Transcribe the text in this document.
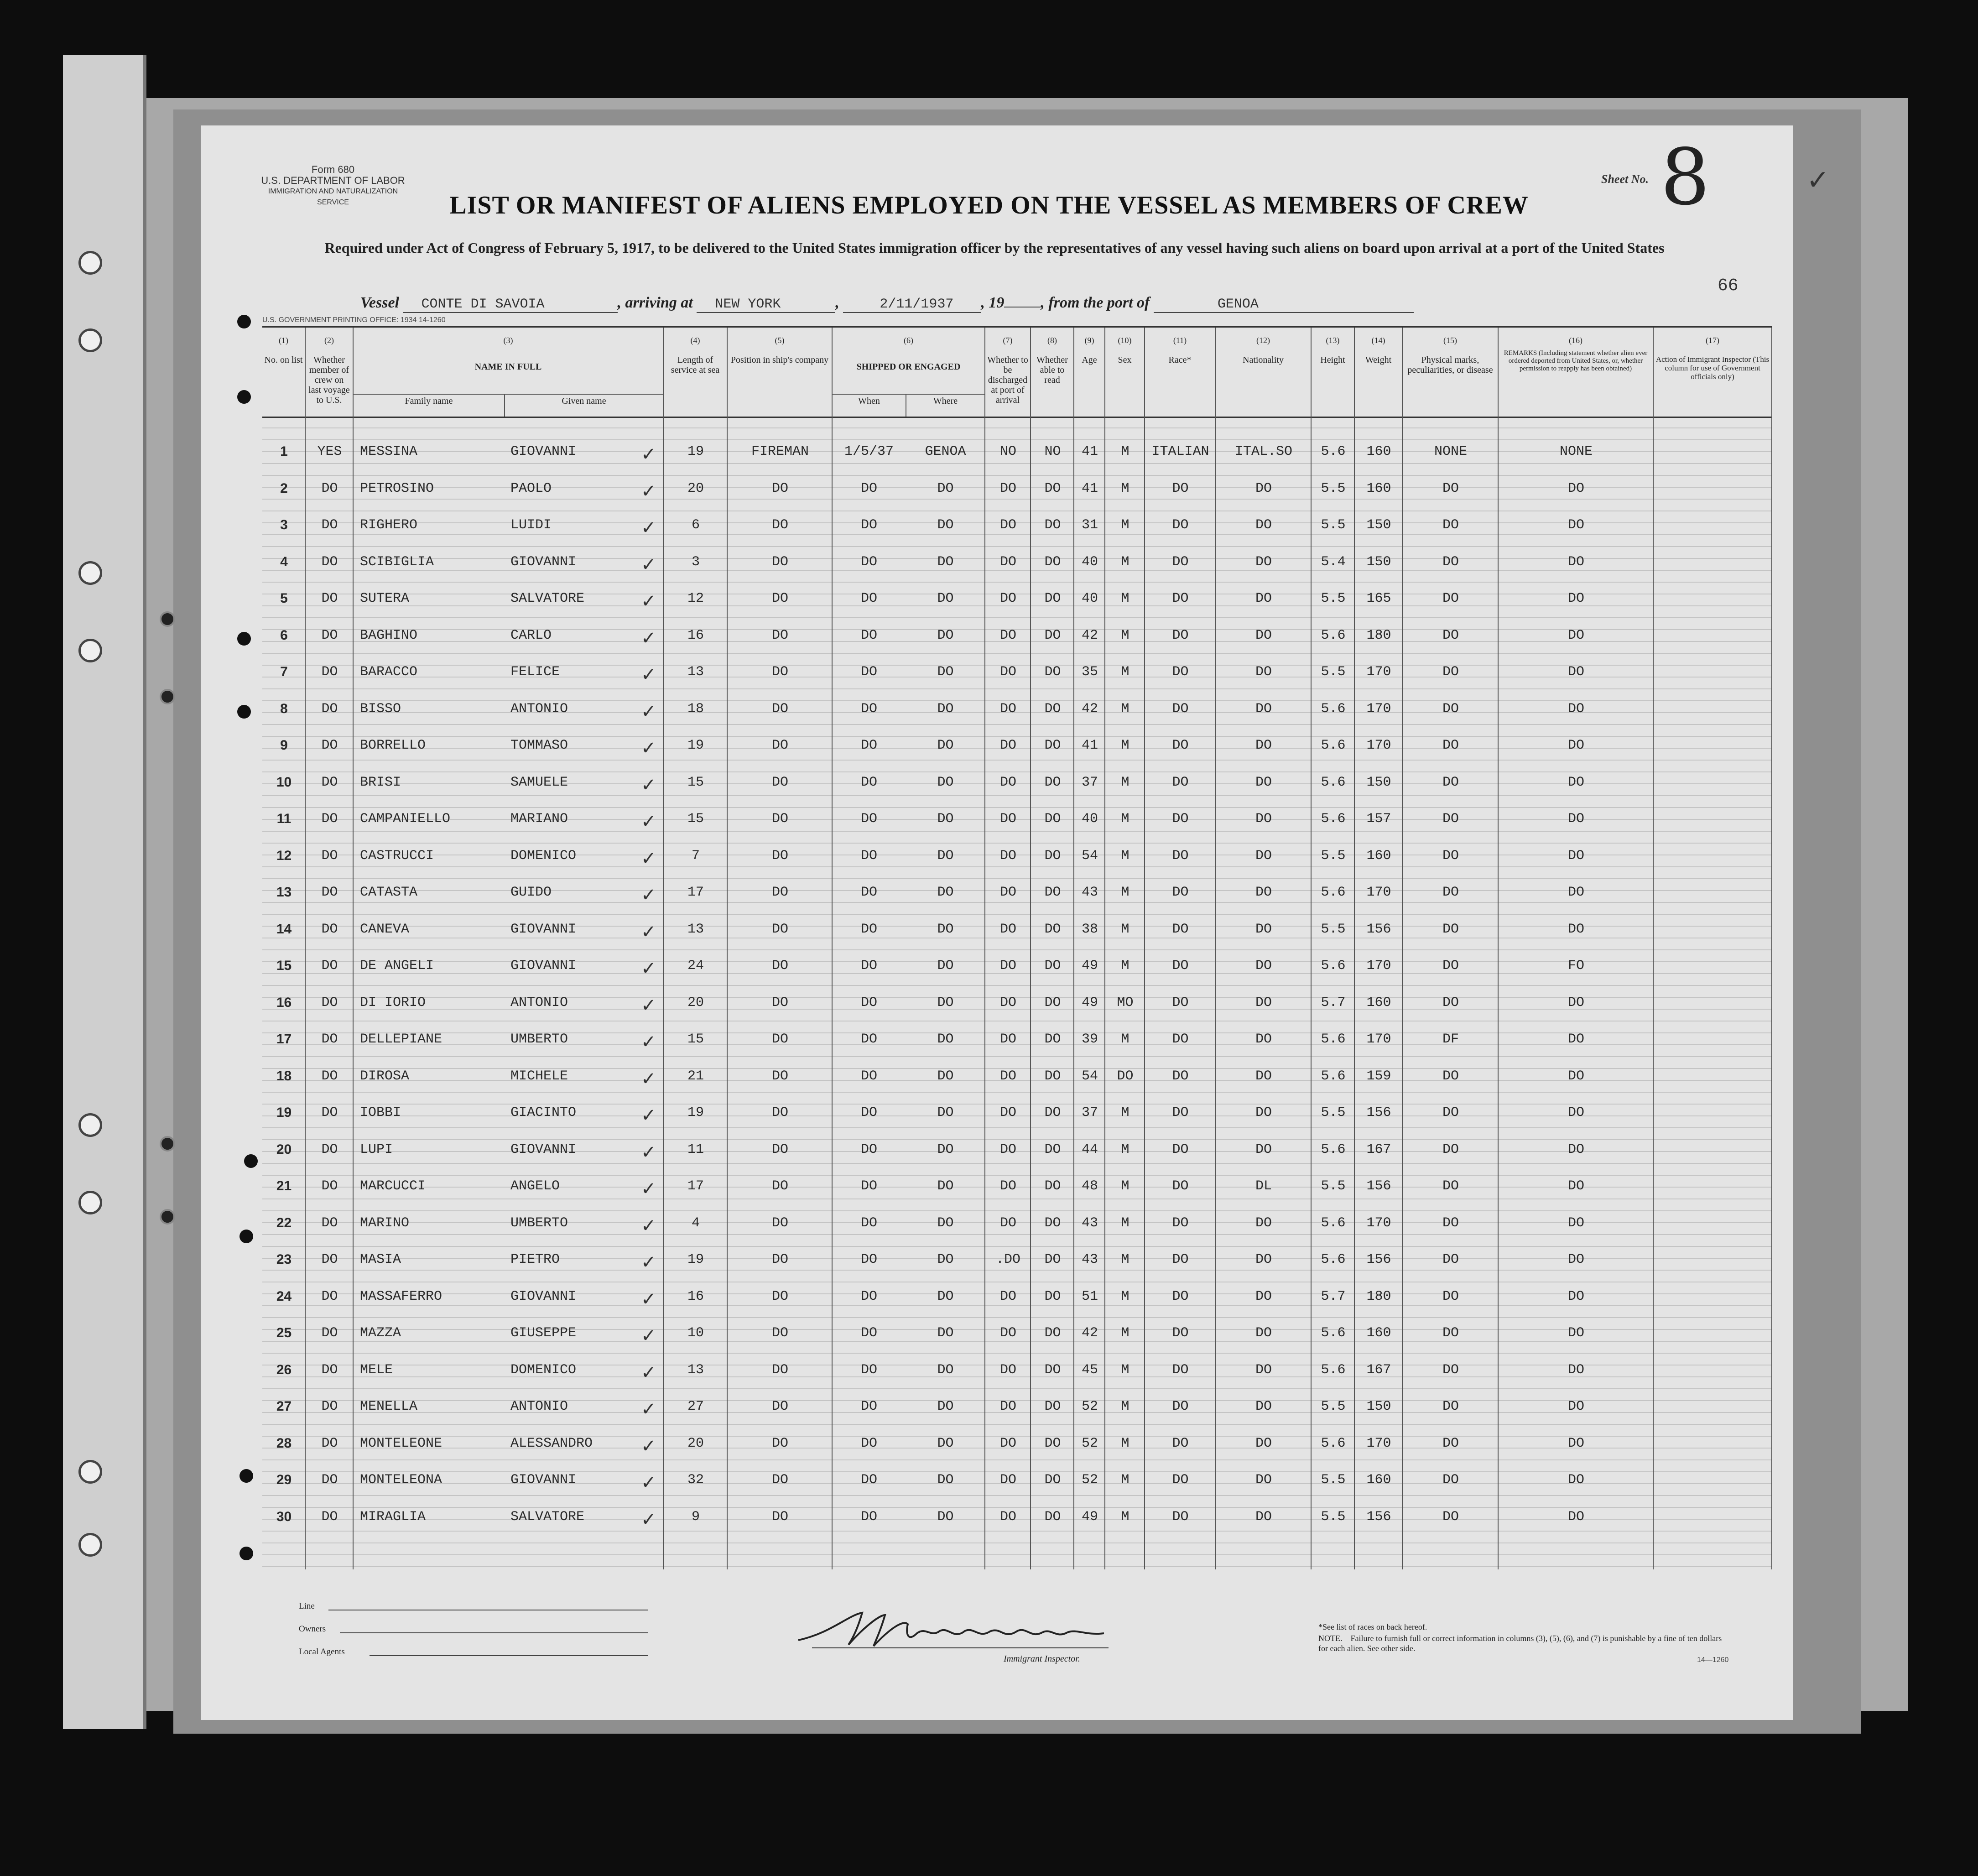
Form 680
U.S. DEPARTMENT OF LABOR
IMMIGRATION AND NATURALIZATION SERVICE	LIST OR MANIFEST OF ALIENS EMPLOYED ON THE VESSEL AS MEMBERS OF CREW
Required under Act of Congress of February 5, 1917, to be delivered to the United States immigration officer by the representatives of any vessel having such aliens on board upon arrival at a port of the United States
Sheet No. 8	✓
66
Vessel CONTE DI SAVOIA	, arriving at NEW YORK	,	2/11/1937 , 19 , from the port of	GENOA
U.S. GOVERNMENT PRINTING OFFICE: 1934 14-1260
(1)
No. on list
(2)
Whether member of crew on last voyage to U.S.
(3)
NAME IN FULL
(4)
Length of service at sea
(5)
Position in ship's company
(6)
SHIPPED OR ENGAGED
(7)
Whether to be discharged at port of arrival
(8)
Whether able to read
(9)
Age
(10)
Sex
(11)
Race*
(12)
Nationality
(13)
Height
(14)
Weight
(15)
Physical marks, peculiarities, or disease
(16)
REMARKS (Including statement whether alien ever ordered deported from United States, or, whether permission to reapply has been obtained)
(17)
Action of Immigrant Inspector (This column for use of Government officials only)
Family name	Given name	When	Where
1	YES	MESSINA	GIOVANNI	19	FIREMAN	1/5/37	GENOA	NO	NO	41	M	ITALIAN	ITAL.SO	5.6	160	NONE	NONE
✓
2	DO	PETROSINO	PAOLO	20	DO	DO	DO	DO	DO	41	M	DO	DO	5.5	160	DO	DO
✓
3	DO	RIGHERO	LUIDI	6	DO	DO	DO	DO	DO	31	M	DO	DO	5.5	150	DO	DO
✓
4	DO	SCIBIGLIA	GIOVANNI	3	DO	DO	DO	DO	DO	40	M	DO	DO	5.4	150	DO	DO
✓
5	DO	SUTERA	SALVATORE	12	DO	DO	DO	DO	DO	40	M	DO	DO	5.5	165	DO	DO
✓
6	DO	BAGHINO	CARLO	16	DO	DO	DO	DO	DO	42	M	DO	DO	5.6	180	DO	DO
✓
7	DO	BARACCO	FELICE	13	DO	DO	DO	DO	DO	35	M	DO	DO	5.5	170	DO	DO
✓
8	DO	BISSO	ANTONIO	18	DO	DO	DO	DO	DO	42	M	DO	DO	5.6	170	DO	DO
✓
9	DO	BORRELLO	TOMMASO	19	DO	DO	DO	DO	DO	41	M	DO	DO	5.6	170	DO	DO
✓
10	DO	BRISI	SAMUELE	15	DO	DO	DO	DO	DO	37	M	DO	DO	5.6	150	DO	DO
✓
11	DO	CAMPANIELLO	MARIANO	15	DO	DO	DO	DO	DO	40	M	DO	DO	5.6	157	DO	DO
✓
12	DO	CASTRUCCI	DOMENICO	7	DO	DO	DO	DO	DO	54	M	DO	DO	5.5	160	DO	DO
✓
13	DO	CATASTA	GUIDO	17	DO	DO	DO	DO	DO	43	M	DO	DO	5.6	170	DO	DO
✓
14	DO	CANEVA	GIOVANNI	13	DO	DO	DO	DO	DO	38	M	DO	DO	5.5	156	DO	DO
✓
15	DO	DE ANGELI	GIOVANNI	24	DO	DO	DO	DO	DO	49	M	DO	DO	5.6	170	DO	FO
✓
16	DO	DI IORIO	ANTONIO	20	DO	DO	DO	DO	DO	49	MO	DO	DO	5.7	160	DO	DO
✓
17	DO	DELLEPIANE	UMBERTO	15	DO	DO	DO	DO	DO	39	M	DO	DO	5.6	170	DF	DO
✓
18	DO	DIROSA	MICHELE	21	DO	DO	DO	DO	DO	54	DO	DO	DO	5.6	159	DO	DO
✓
19	DO	IOBBI	GIACINTO	19	DO	DO	DO	DO	DO	37	M	DO	DO	5.5	156	DO	DO
✓
20	DO	LUPI	GIOVANNI	11	DO	DO	DO	DO	DO	44	M	DO	DO	5.6	167	DO	DO
✓
21	DO	MARCUCCI	ANGELO	17	DO	DO	DO	DO	DO	48	M	DO	DL	5.5	156	DO	DO
✓
22	DO	MARINO	UMBERTO	4	DO	DO	DO	DO	DO	43	M	DO	DO	5.6	170	DO	DO
✓
23	DO	MASIA	PIETRO	19	DO	DO	DO	.DO	DO	43	M	DO	DO	5.6	156	DO	DO
✓
24	DO	MASSAFERRO	GIOVANNI	16	DO	DO	DO	DO	DO	51	M	DO	DO	5.7	180	DO	DO
✓
25	DO	MAZZA	GIUSEPPE	10	DO	DO	DO	DO	DO	42	M	DO	DO	5.6	160	DO	DO
✓
26	DO	MELE	DOMENICO	13	DO	DO	DO	DO	DO	45	M	DO	DO	5.6	167	DO	DO
✓
27	DO	MENELLA	ANTONIO	27	DO	DO	DO	DO	DO	52	M	DO	DO	5.5	150	DO	DO
✓
28	DO	MONTELEONE	ALESSANDRO	20	DO	DO	DO	DO	DO	52	M	DO	DO	5.6	170	DO	DO
✓
29	DO	MONTELEONA	GIOVANNI	32	DO	DO	DO	DO	DO	52	M	DO	DO	5.5	160	DO	DO
✓
30	DO	MIRAGLIA	SALVATORE	9	DO	DO	DO	DO	DO	49	M	DO	DO	5.5	156	DO	DO
✓
Line
Owners
Local Agents
Immigrant Inspector.
*See list of races on back hereof.
NOTE.—Failure to furnish full or correct information in columns (3), (5), (6), and (7) is punishable by a fine of ten dollars for each alien. See other side.
14—1260
